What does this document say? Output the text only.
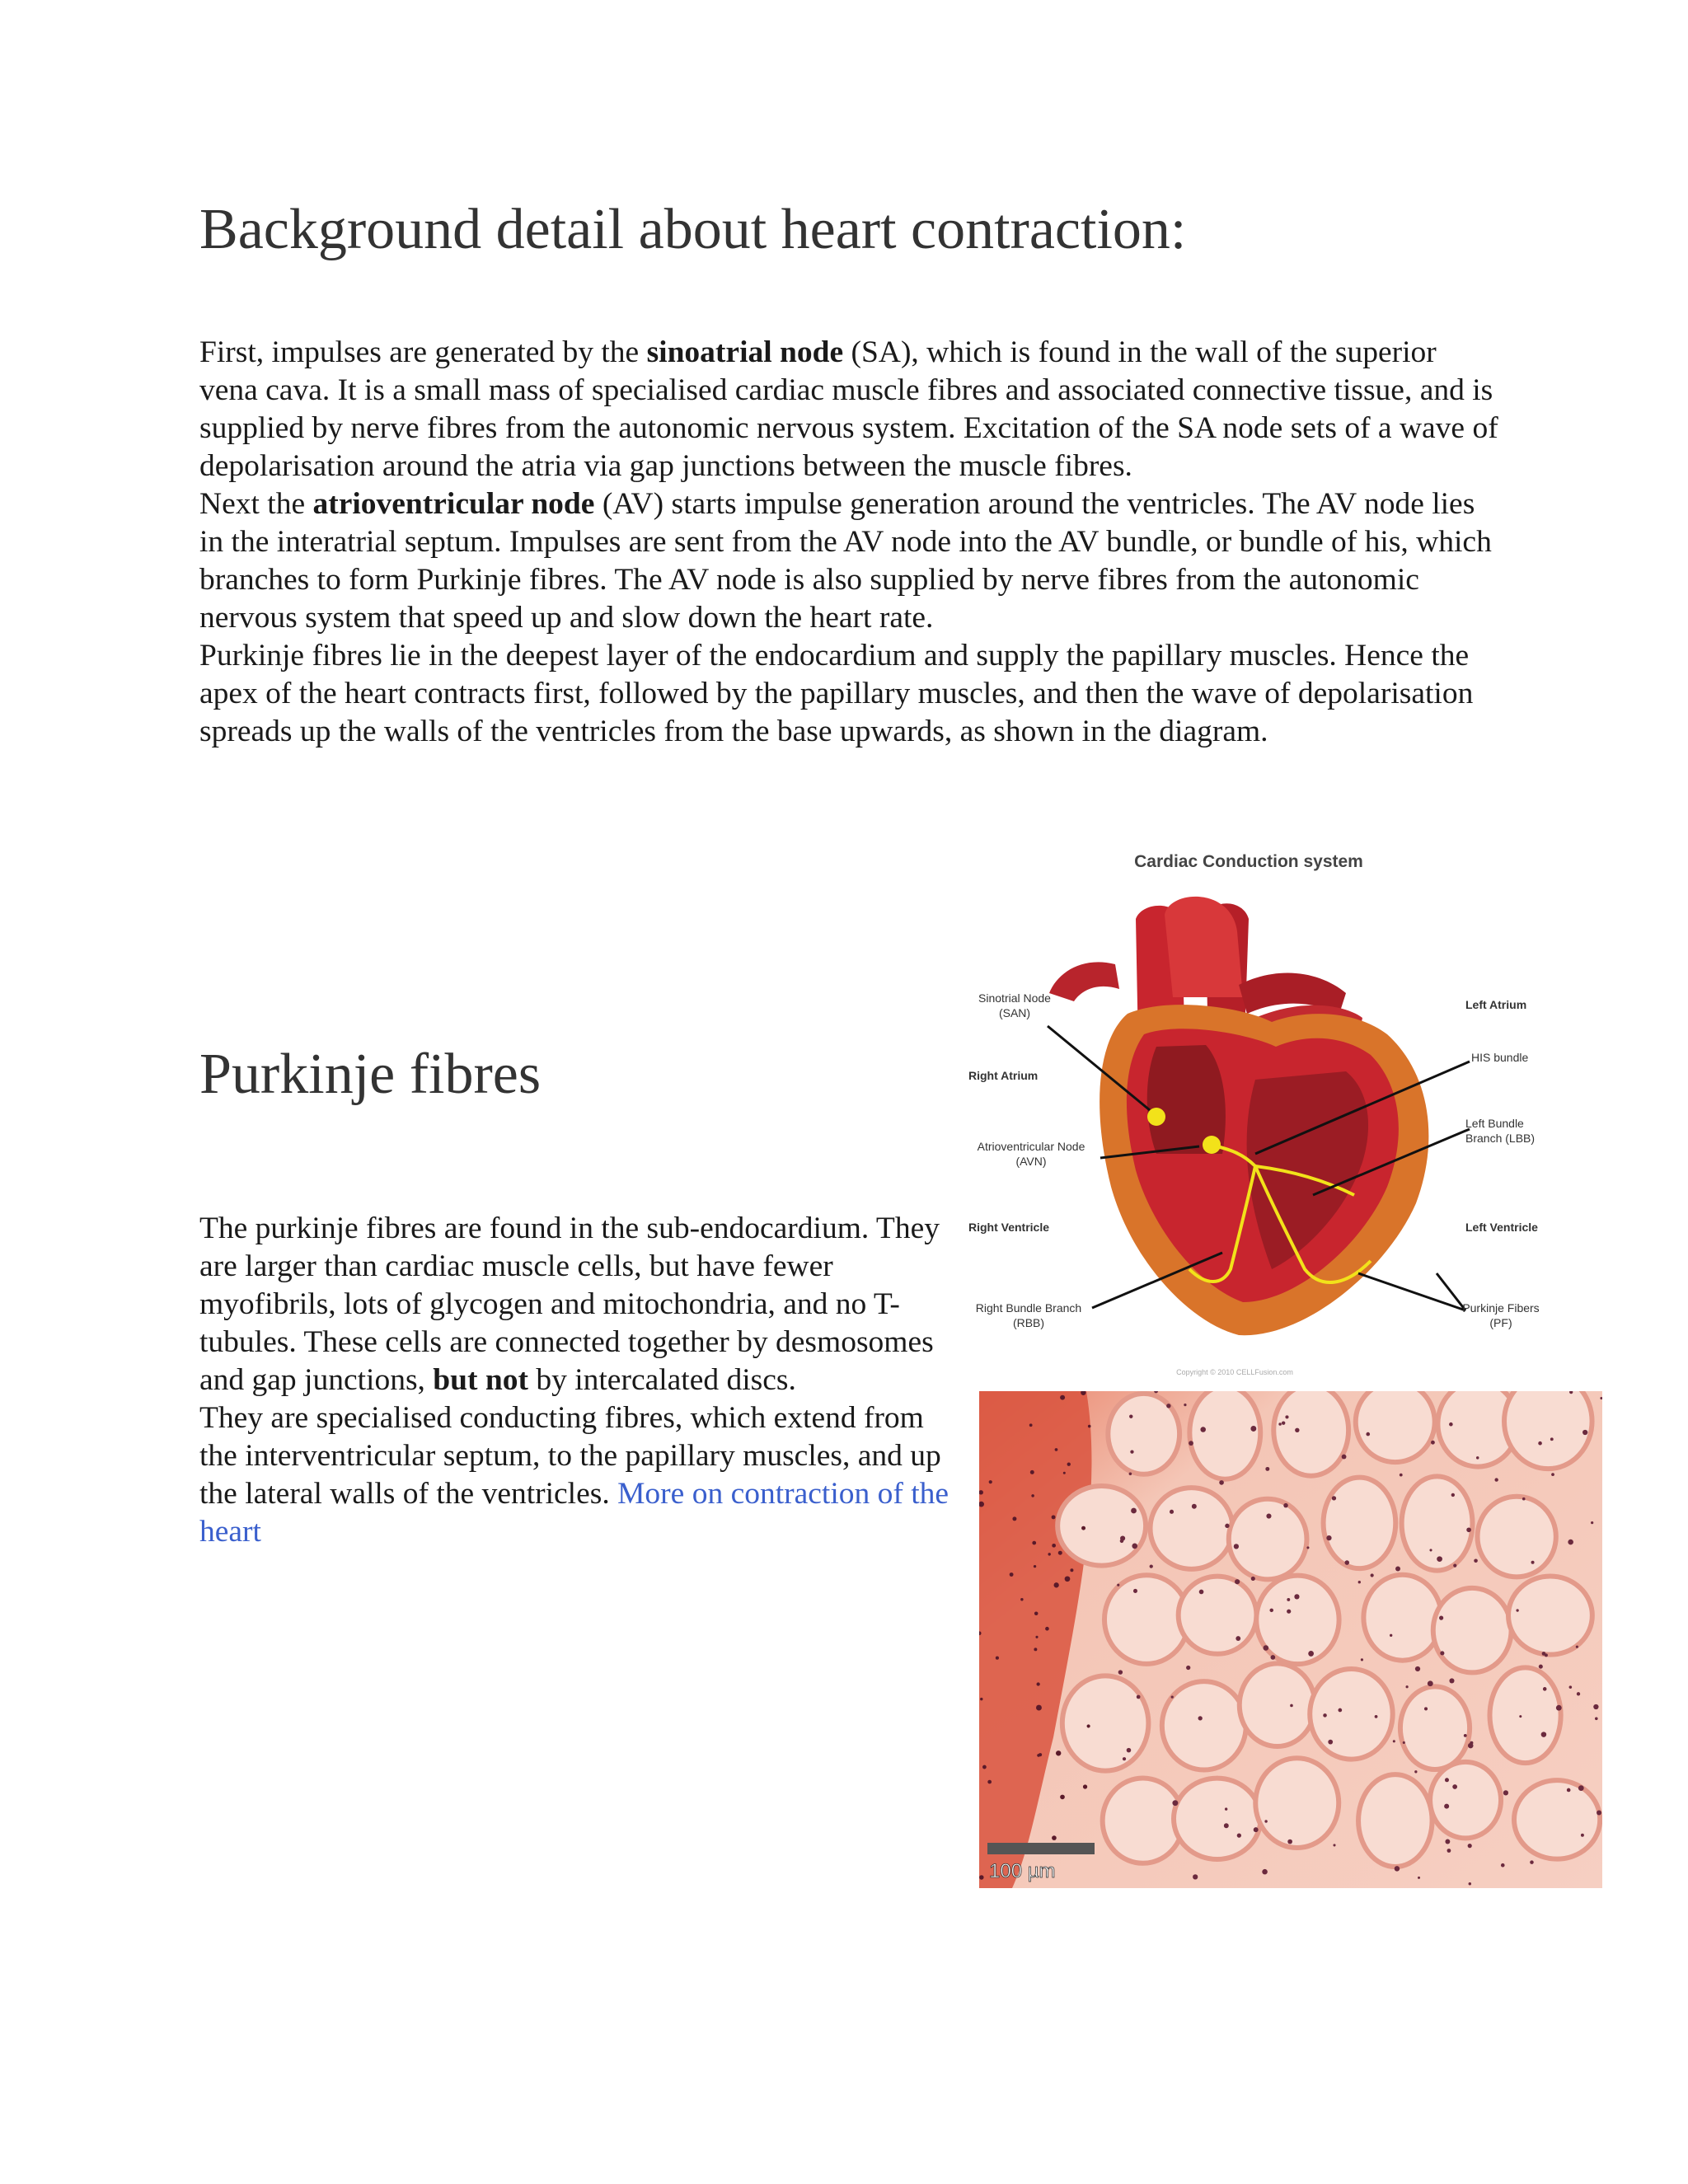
Background detail about heart contraction:
First, impulses are generated by the sinoatrial node (SA), which is found in the wall of the superior vena cava. It is a small mass of specialised cardiac muscle fibres and associated connective tissue, and is supplied by nerve fibres from the autonomic nervous system. Excitation of the SA node sets of a wave of depolarisation around the atria via gap junctions between the muscle fibres.
Next the atrioventricular node (AV) starts impulse generation around the ventricles. The AV node lies in the interatrial septum. Impulses are sent from the AV node into the AV bundle, or bundle of his, which branches to form Purkinje fibres. The AV node is also supplied by nerve fibres from the autonomic nervous system that speed up and slow down the heart rate.
Purkinje fibres lie in the deepest layer of the endocardium and supply the papillary muscles. Hence the apex of the heart contracts first, followed by the papillary muscles, and then the wave of depolarisation spreads up the walls of the ventricles from the base upwards, as shown in the diagram.
Purkinje fibres
The purkinje fibres are found in the sub-endocardium. They are larger than cardiac muscle cells, but have fewer myofibrils, lots of glycogen and mitochondria, and no T-tubules. These cells are connected together by desmosomes and gap junctions, but not by intercalated discs.
They are specialised conducting fibres, which extend from the interventricular septum, to the papillary muscles, and up the lateral walls of the ventricles. More on contraction of the heart
Cardiac Conduction system
Sinotrial Node
(SAN)
Right Atrium
Atrioventricular Node
(AVN)
Right Ventricle
Right Bundle Branch
(RBB)
Left Atrium
HIS bundle
Left Bundle
Branch (LBB)
Left Ventricle
Purkinje Fibers
(PF)
Copyright © 2010 CELLFusion.com
100 µm
